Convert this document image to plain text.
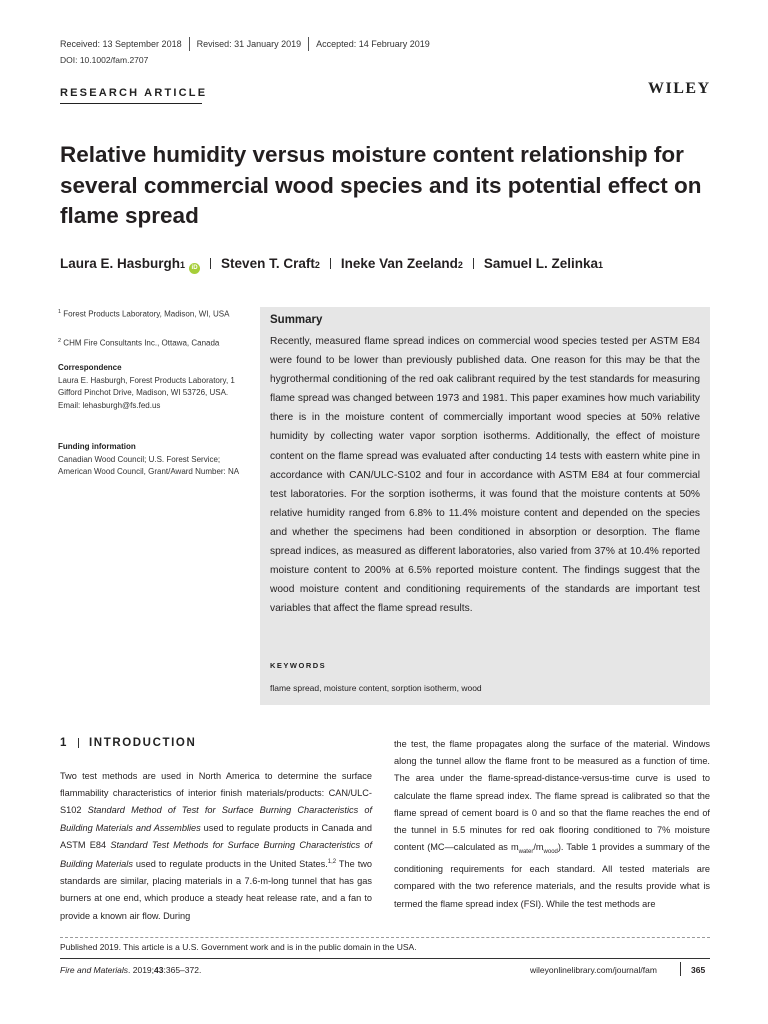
Received: 13 September 2018 Revised: 31 January 2019 Accepted: 14 February 2019
DOI: 10.1002/fam.2707
RESEARCH ARTICLE	WILEY
Relative humidity versus moisture content relationship for several commercial wood species and its potential effect on flame spread
Laura E. Hasburgh 1	iD Steven T. Craft 2 Ineke Van Zeeland 2 Samuel L. Zelinka 1
$^1$ Forest Products Laboratory, Madison, WI, USA
$^2$ CHM Fire Consultants Inc., Ottawa, Canada
Correspondence
Laura E. Hasburgh, Forest Products Laboratory, 1 Gifford Pinchot Drive, Madison, WI 53726, USA.
Email: lehasburgh@fs.fed.us
Funding information
Canadian Wood Council; U.S. Forest Service; American Wood Council, Grant/Award Number: NA
Summary

Recently, measured flame spread indices on commercial wood species tested per ASTM E84 were found to be lower than previously published data. One reason for this may be that the hygrothermal conditioning of the red oak calibrant required by the test standards for measuring flame spread was changed between 1973 and 1981. This paper examines how much variability there is in the moisture content of commercially important wood species at 50% relative humidity by collecting water vapor sorption isotherms. Additionally, the effect of moisture content on the flame spread was evaluated after conducting 14 tests with eastern white pine in accordance with CAN/ULC-S102 and four in accordance with ASTM E84 at four commercial test laboratories. For the sorption isotherms, it was found that the moisture contents at 50% relative humidity ranged from 6.8% to 11.4% moisture content and depended on the species and whether the specimens had been conditioned in absorption or desorption. The flame spread indices, as measured as different laboratories, also varied from 37% at 10.4% reported moisture content to 200% at 6.5% reported moisture content. The findings suggest that the wood moisture content and conditioning requirements of the standards are important test variables that affect the flame spread results.

KEYWORDS
flame spread, moisture content, sorption isotherm, wood
1 INTRODUCTION

Two test methods are used in North America to determine the surface flammability characteristics of interior finish materials/products: CAN/ULC-S102 Standard Method of Test for Surface Burning Characteristics of Building Materials and Assemblies used to regulate products in Canada and ASTM E84 Standard Test Methods for Surface Burning Characteristics of Building Materials used to regulate products in the United States.$^{1,2}$ The two standards are similar, placing materials in a 7.6-m-long tunnel that has gas burners at one end, which produce a steady heat release rate, and a fan to provide a known air flow. During

the test, the flame propagates along the surface of the material. Windows along the tunnel allow the flame front to be measured as a function of time. The area under the flame-spread-distance-versus-time curve is used to calculate the flame spread index. The flame spread is calibrated so that the flame spread of cement board is 0 and so that the flame reaches the end of the tunnel in 5.5 minutes for red oak flooring conditioned to 7% moisture content (MC—calculated as $m_{water}/m_{wood}$). Table 1 provides a summary of the conditioning requirements for each standard. All tested materials are compared with the two reference materials, and the results provide what is termed the flame spread index (FSI). While the test methods are

Published 2019. This article is a U.S. Government work and is in the public domain in the USA.
Fire and Materials. 2019;43:365–372.	wileyonlinelibrary.com/journal/fam	365
